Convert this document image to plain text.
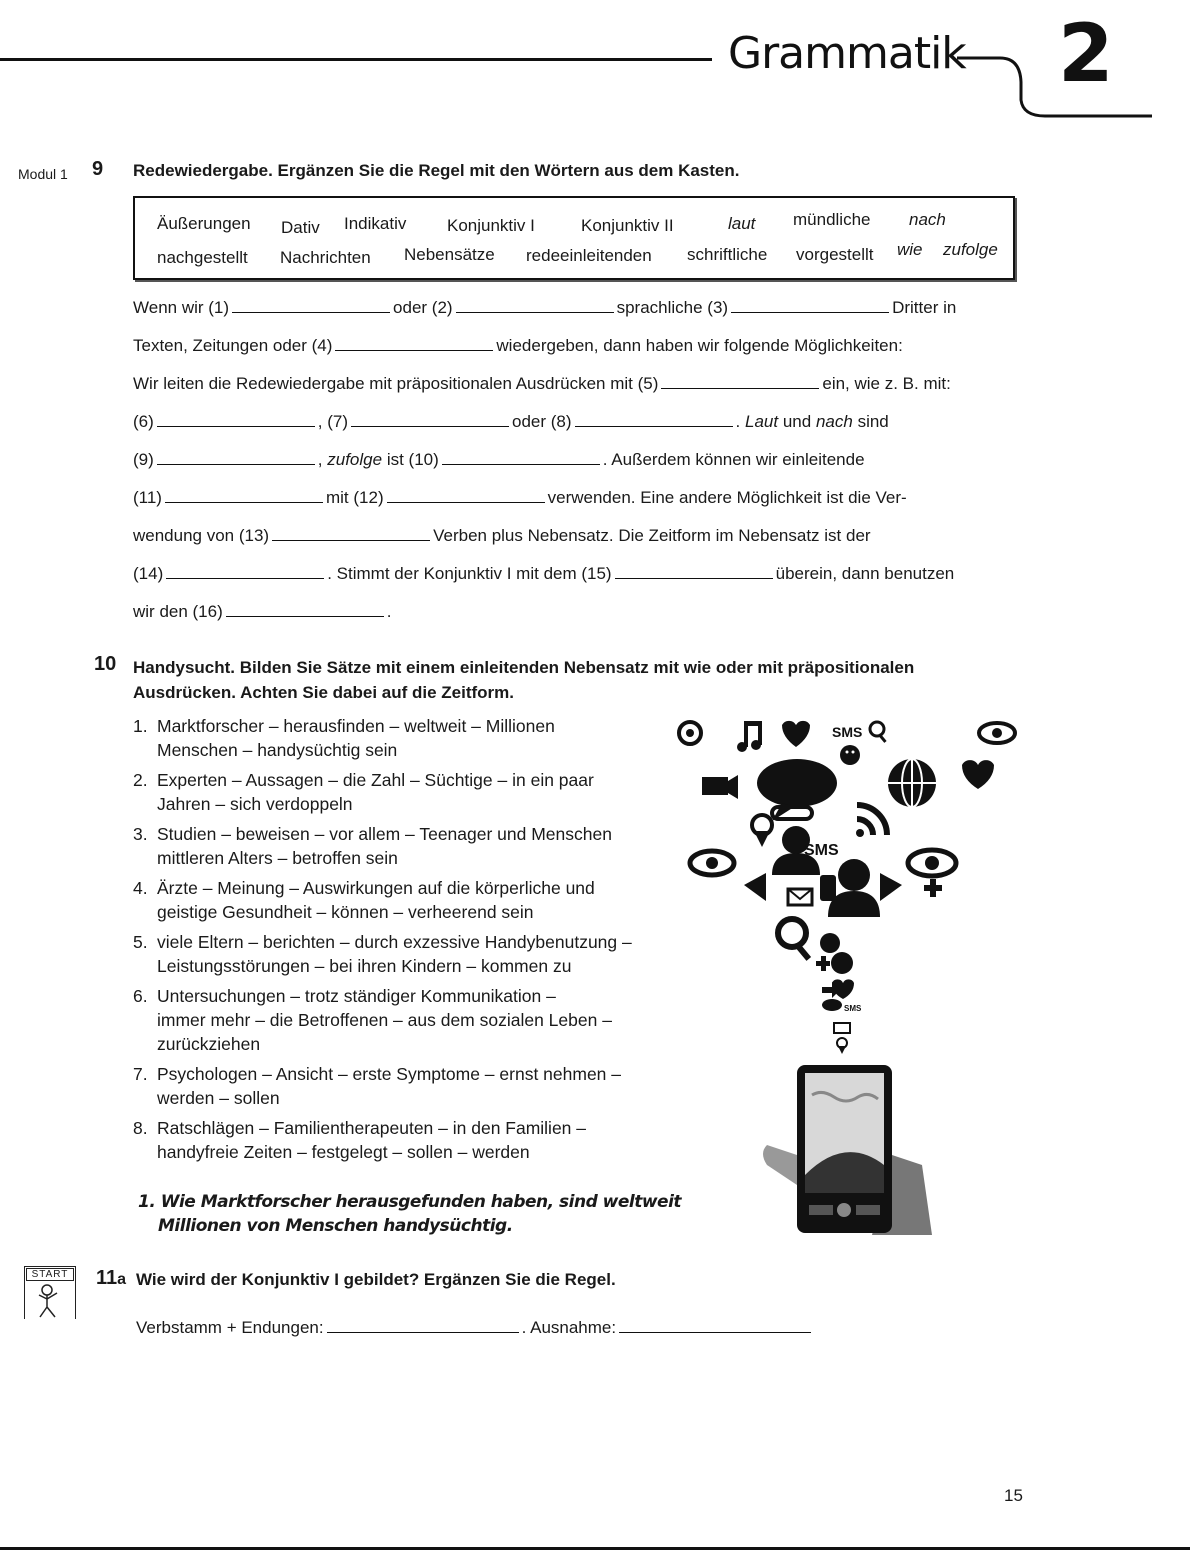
Grammatik 2
Modul 1 9 Redewiedergabe. Ergänzen Sie die Regel mit den Wörtern aus dem Kasten.
Äußerungen Dativ Indikativ Konjunktiv I	Konjunktiv II	laut mündliche nach
nachgestellt Nachrichten Nebensätze redeeinleitenden schriftliche vorgestellt wie zufolge
Wenn wir (1)	oder (2)	sprachliche (3)	Dritter in
Texten, Zeitungen oder (4)	wiedergeben, dann haben wir folgende Möglichkeiten:
Wir leiten die Redewiedergabe mit präpositionalen Ausdrücken mit (5)	ein, wie z. B. mit:
(6)	, (7)	oder (8)	. Laut und nach sind
(9)	, zufolge ist (10)	. Außerdem können wir einleitende
(11)	mit (12)	verwenden. Eine andere Möglichkeit ist die Ver-
wendung von (13)	Verben plus Nebensatz. Die Zeitform im Nebensatz ist der
(14)	. Stimmt der Konjunktiv I mit dem (15)	überein, dann benutzen
wir den (16)	.
10 Handysucht. Bilden Sie Sätze mit einem einleitenden Nebensatz mit wie oder mit präpositionalen
Ausdrücken. Achten Sie dabei auf die Zeitform.
1. Marktforscher – herausfinden – weltweit – Millionen
Menschen – handysüchtig sein
2. Experten – Aussagen – die Zahl – Süchtige – in ein paar
Jahren – sich verdoppeln
3. Studien – beweisen – vor allem – Teenager und Menschen
mittleren Alters – betroffen sein
4. Ärzte – Meinung – Auswirkungen auf die körperliche und
geistige Gesundheit – können – verheerend sein
5. viele Eltern – berichten – durch exzessive Handybenutzung –
Leistungsstörungen – bei ihren Kindern – kommen zu
6. Untersuchungen – trotz ständiger Kommunikation –
immer mehr – die Betroffenen – aus dem sozialen Leben –
zurückziehen
7. Psychologen – Ansicht – erste Symptome – ernst nehmen –
werden – sollen
8. Ratschlägen – Familientherapeuten – in den Familien –
handyfreie Zeiten – festgelegt – sollen – werden
1. Wie Marktforscher herausgefunden haben, sind weltweit
Millionen von Menschen handysüchtig.
SMS
SMS
SMS
START 11a Wie wird der Konjunktiv I gebildet? Ergänzen Sie die Regel.
Verbstamm + Endungen:	. Ausnahme:
15
